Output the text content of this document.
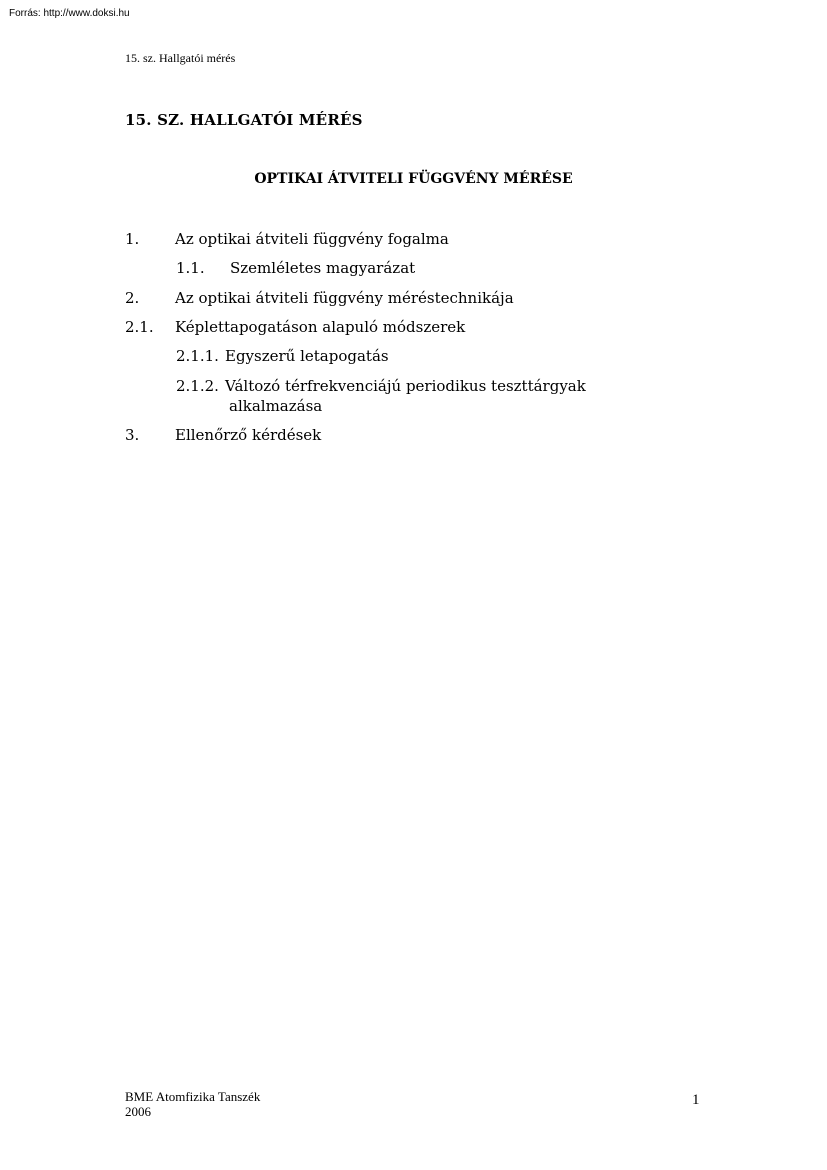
Forrás: http://www.doksi.hu
15. sz. Hallgatói mérés
15. SZ. HALLGATÓI MÉRÉS
OPTIKAI ÁTVITELI FÜGGVÉNY MÉRÉSE
1. Az optikai átviteli függvény fogalma
1.1. Szemléletes magyarázat
2. Az optikai átviteli függvény méréstechnikája
2.1. Képlettapogatáson alapuló módszerek
2.1.1. Egyszerű letapogatás
2.1.2. Változó térfrekvenciájú periodikus teszttárgyak
alkalmazása
3. Ellenőrző kérdések
BME Atomfizika Tanszék
2006
1
